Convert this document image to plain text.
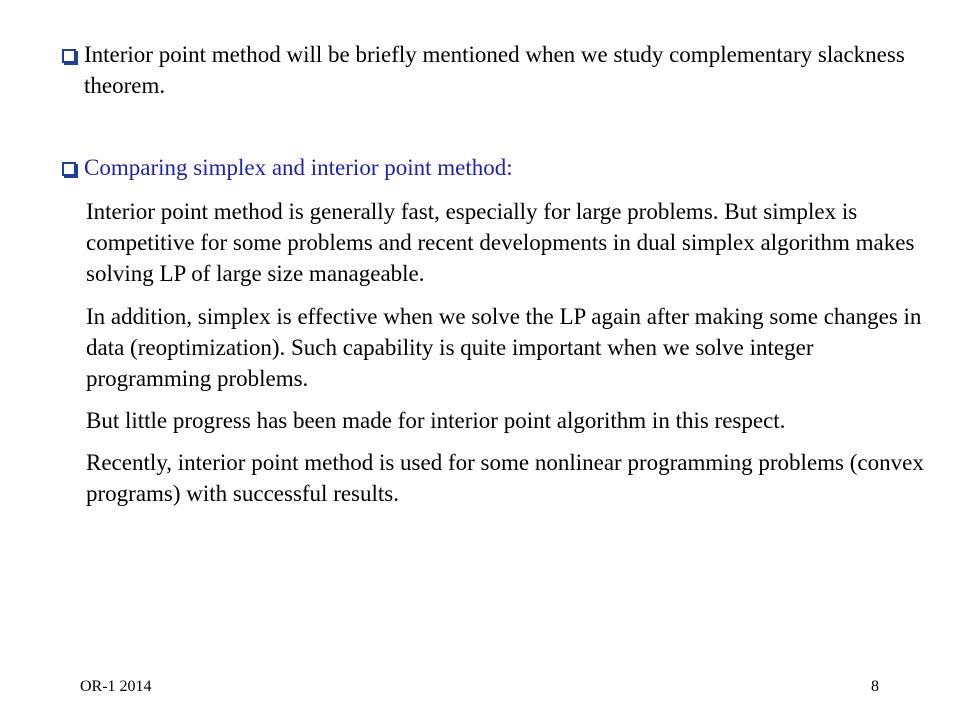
Interior point method will be briefly mentioned when we study complementary slackness theorem.
Comparing simplex and interior point method:
Interior point method is generally fast, especially for large problems. But simplex is competitive for some problems and recent developments in dual simplex algorithm makes solving LP of large size manageable.
In addition, simplex is effective when we solve the LP again after making some changes in data (reoptimization). Such capability is quite important when we solve integer programming problems.
But little progress has been made for interior point algorithm in this respect.
Recently, interior point method is used for some nonlinear programming problems (convex programs) with successful results.
OR-1 2014	8
